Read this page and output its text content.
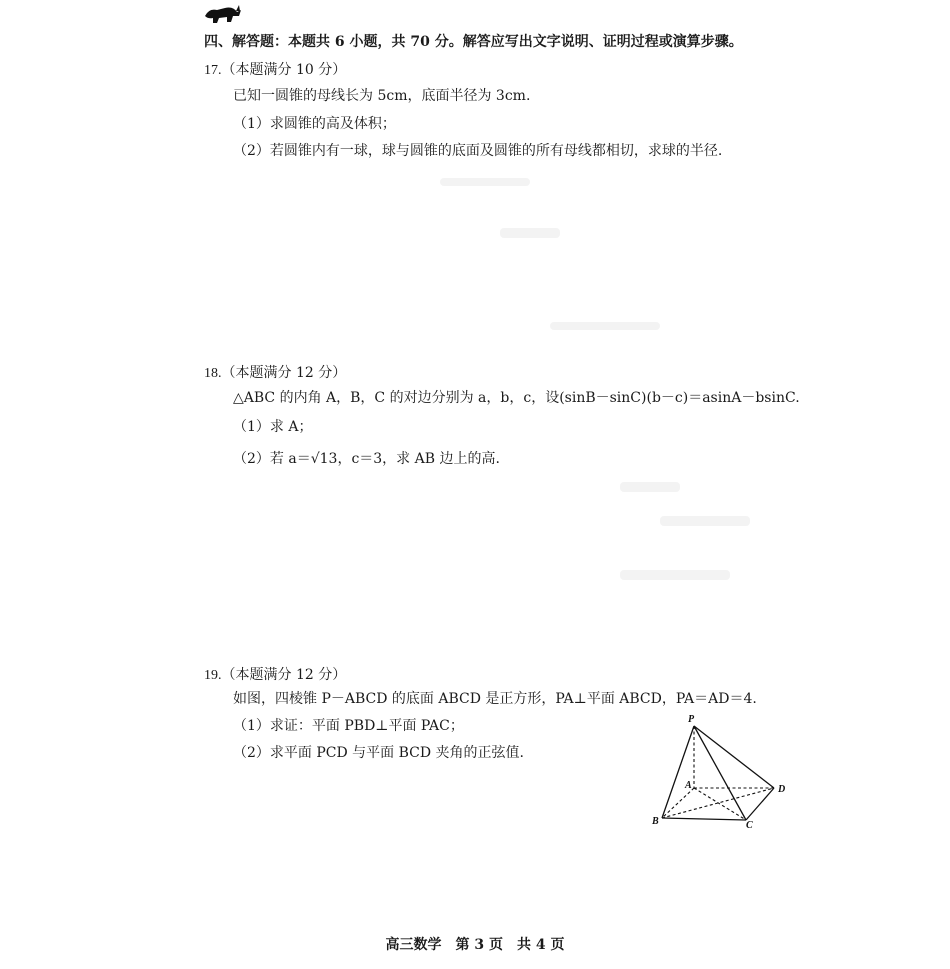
四、解答题：本题共 6 小题，共 70 分。解答应写出文字说明、证明过程或演算步骤。
17.（本题满分 10 分）
已知一圆锥的母线长为 5cm，底面半径为 3cm.
（1）求圆锥的高及体积；
（2）若圆锥内有一球，球与圆锥的底面及圆锥的所有母线都相切，求球的半径.
18.（本题满分 12 分）
△ABC 的内角 A，B，C 的对边分别为 a，b，c，设(sinB－sinC)(b－c)＝asinA－bsinC.
（1）求 A；
（2）若 a＝√13，c＝3，求 AB 边上的高.
19.（本题满分 12 分）
如图，四棱锥 P－ABCD 的底面 ABCD 是正方形，PA⊥平面 ABCD，PA＝AD＝4.
（1）求证：平面 PBD⊥平面 PAC；
（2）求平面 PCD 与平面 BCD 夹角的正弦值.
P
A
B	C
D
高三数学　第 3 页　共 4 页
